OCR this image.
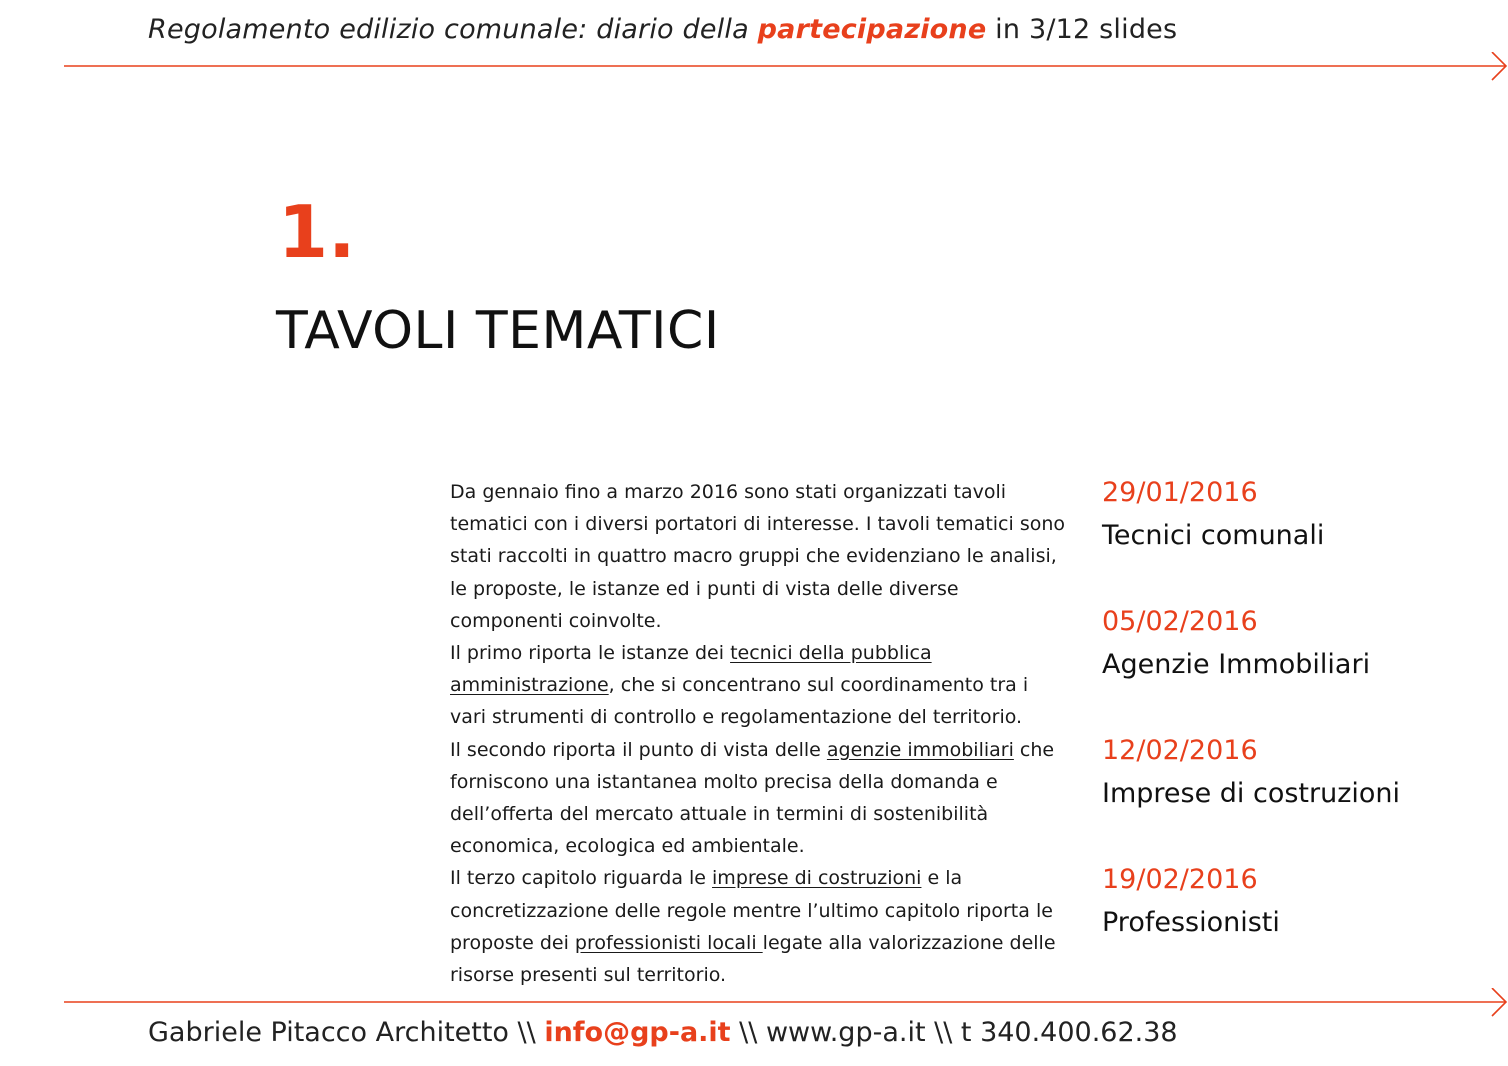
Regolamento edilizio comunale: diario della partecipazione in 3/12 slides
1.
TAVOLI TEMATICI

Da gennaio fino a marzo 2016 sono stati organizzati tavoli tematici con i diversi portatori di interesse. I tavoli tematici sono stati raccolti in quattro macro gruppi che evidenziano le analisi, le proposte, le istanze ed i punti di vista delle diverse componenti coinvolte.

Il primo riporta le istanze dei tecnici della pubblica amministrazione, che si concentrano sul coordinamento tra i vari strumenti di controllo e regolamentazione del territorio.

Il secondo riporta il punto di vista delle agenzie immobiliari che forniscono una istantanea molto precisa della domanda e dell’offerta del mercato attuale in termini di sostenibilità economica, ecologica ed ambientale.

Il terzo capitolo riguarda le imprese di costruzioni e la concretizzazione delle regole mentre l’ultimo capitolo riporta le proposte dei professionisti locali legate alla valorizzazione delle risorse presenti sul territorio.

29/01/2016
Tecnici comunali
05/02/2016
Agenzie Immobiliari
12/02/2016
Imprese di costruzioni
19/02/2016
Professionisti
Gabriele Pitacco Architetto \\ info@gp-a.it \\ www.gp-a.it \\ t 340.400.62.38
